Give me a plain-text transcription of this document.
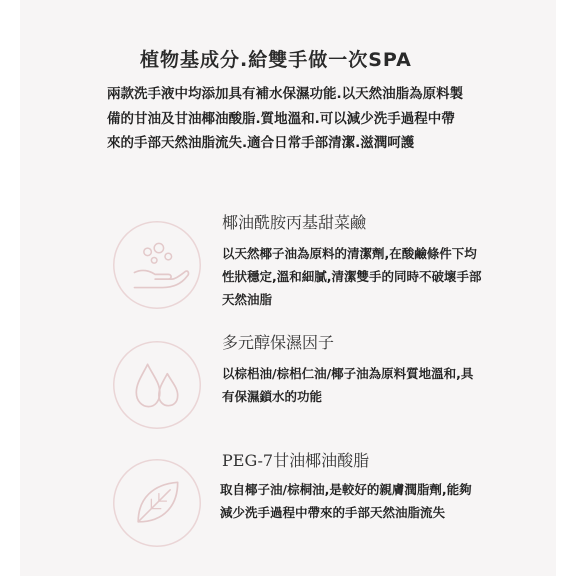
植物基成分.給雙手做一次SPA
兩款洗手液中均添加具有補水保濕功能.以天然油脂為原料製備的甘油及甘油椰油酸脂.質地溫和.可以減少洗手過程中帶來的手部天然油脂流失.適合日常手部清潔.滋潤呵護
椰油酰胺丙基甜菜鹼
以天然椰子油為原料的清潔劑,在酸鹼條件下均性狀穩定,溫和細膩,清潔雙手的同時不破壞手部天然油脂
多元醇保濕因子
以棕梠油/棕梠仁油/椰子油為原料質地溫和,具有保濕鎖水的功能
PEG-7甘油椰油酸脂
取自椰子油/棕桐油,是較好的親膚潤脂劑,能夠減少洗手過程中帶來的手部天然油脂流失
